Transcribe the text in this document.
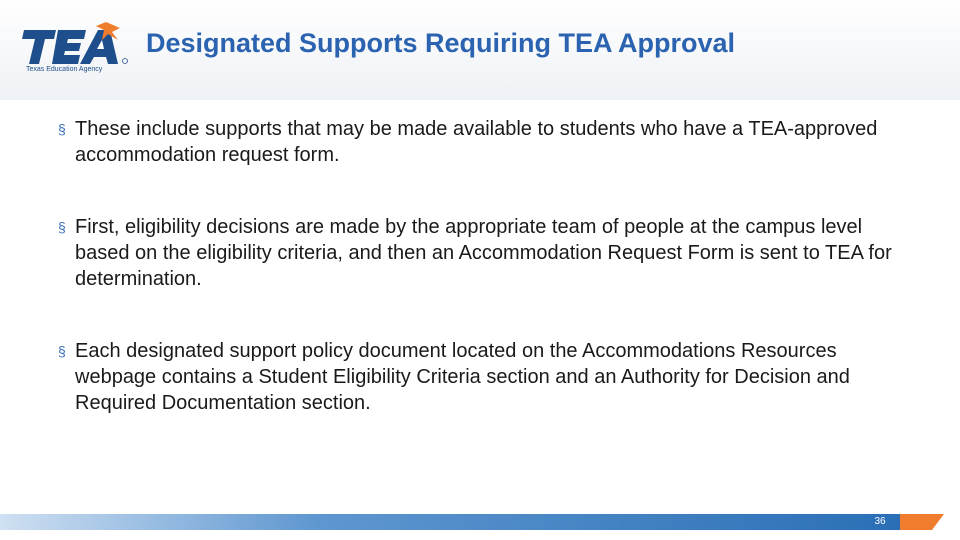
Texas Education Agency
Designated Supports Requiring TEA Approval
§ These include supports that may be made available to students who have a TEA-approved accommodation request form.
§ First, eligibility decisions are made by the appropriate team of people at the campus level based on the eligibility criteria, and then an Accommodation Request Form is sent to TEA for determination.
§ Each designated support policy document located on the Accommodations Resources webpage contains a Student Eligibility Criteria section and an Authority for Decision and Required Documentation section.
36
